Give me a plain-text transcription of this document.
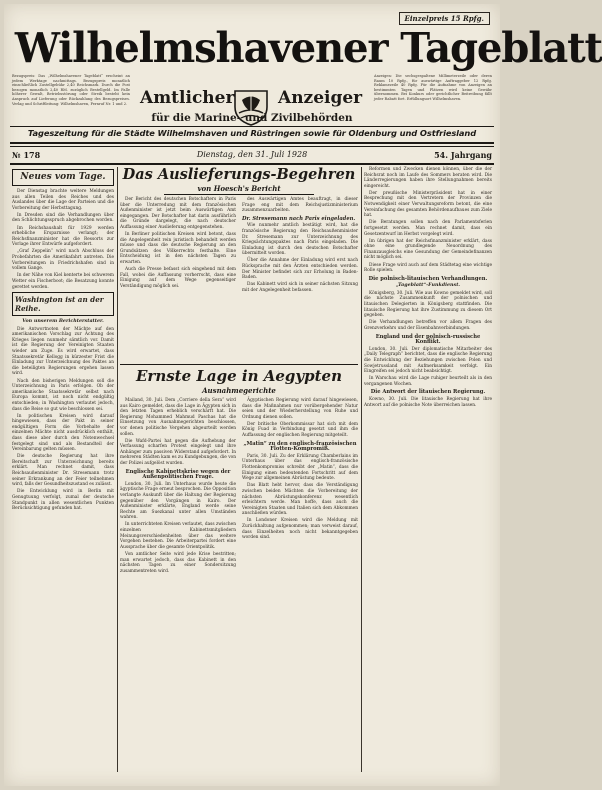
Einzelpreis 15 Rpfg.
Wilhelmshavener Tageblatt

Bezugspreis: Das „Wilhelmshavener Tageblatt“ erscheint an jedem Werktage nachmittags. Bezugspreis monatlich einschließlich Zustellgebühr 2,40 Reichsmark. Durch die Post bezogen monatlich 2,40 RM. zuzüglich Bestellgeld. Im Falle höherer Gewalt, Betriebsstörung oder Streik besteht kein Anspruch auf Lieferung oder Rückzahlung des Bezugspreises. Verlag und Schriftleitung: Wilhelmshaven, Fernruf Nr. 1 und 2.

Anzeigen: Die sechsgespaltene Millimeterzeile oder deren Raum 10 Rpfg., für auswärtige Auftraggeber 12 Rpfg. Reklamezeile 40 Rpfg. Für die Aufnahme von Anzeigen an bestimmten Tagen und Plätzen wird keine Gewähr übernommen. Bei Konkurs oder gerichtlicher Beitreibung fällt jeder Rabatt fort. Erfüllungsort Wilhelmshaven.

Amtlicher	Anzeiger
für die Marine- und Zivilbehörden
Tageszeitung für die Städte Wilhelmshaven und Rüstringen sowie für Oldenburg und Ostfriesland
№ 178	Dienstag, den 31. Juli 1928	54. Jahrgang
Neues vom Tage.

Der Dienstag brachte weitere Meldungen aus allen Teilen des Reiches und des Auslandes über die Lage der Parteien und die Vorbereitung der Herbsttagung.

In Dresden sind die Verhandlungen über den Schlichtungsspruch abgebrochen worden.

Im Reichshaushalt für 1929 werden erhebliche Ersparnisse verlangt; der Reichsfinanzminister hat die Ressorts zur Vorlage ihrer Entwürfe aufgefordert.

„Graf Zeppelin“ wird nach Abschluss der Probefahrten die Amerikafahrt antreten. Die Vorbereitungen in Friedrichshafen sind in vollem Gange.

In der Nähe von Kiel kenterte bei schwerem Wetter ein Fischerboot; die Besatzung konnte gerettet werden.

Washington ist an der Reihe.
Von unserem Berichterstatter.

Die Antwortnoten der Mächte auf den amerikanischen Vorschlag zur Ächtung des Krieges liegen nunmehr sämtlich vor. Damit ist die Regierung der Vereinigten Staaten wieder am Zuge. Es wird erwartet, dass Staatssekretär Kellogg in kürzester Frist die Einladung zur Unterzeichnung des Paktes an die beteiligten Regierungen ergehen lassen wird.

Nach den bisherigen Meldungen soll die Unterzeichnung in Paris erfolgen. Ob der amerikanische Staatssekretär selbst nach Europa kommt, ist noch nicht endgültig entschieden; in Washington verlautet jedoch, dass die Reise so gut wie beschlossen sei.

In politischen Kreisen wird darauf hingewiesen, dass der Pakt in seiner endgültigen Form die Vorbehalte der einzelnen Mächte nicht ausdrücklich enthält, dass diese aber durch den Notenwechsel festgelegt sind und als Bestandteil der Vereinbarung gelten müssen.

Die deutsche Regierung hat ihre Bereitschaft zur Unterzeichnung bereits erklärt. Man rechnet damit, dass Reichsaußenminister Dr. Stresemann trotz seiner Erkrankung an der Feier teilnehmen wird, falls der Gesundheitszustand es zulässt.

Die Entwicklung wird in Berlin mit Genugtuung verfolgt, zumal der deutsche Standpunkt in allen wesentlichen Punkten Berücksichtigung gefunden hat.

Das Auslieferungs-Begehren
von Hoesch's Bericht

Der Bericht des deutschen Botschafters in Paris über die Unterredung mit dem französischen Außenminister ist jetzt beim Auswärtigen Amt eingegangen. Der Botschafter hat darin ausführlich die Gründe dargelegt, die nach deutscher Auffassung einer Auslieferung entgegenstehen.

In Berliner politischen Kreisen wird betont, dass die Angelegenheit rein juristisch behandelt werden müsse und dass die deutsche Regierung an den Grundsätzen des Völkerrechts festhalte. Eine Entscheidung ist in den nächsten Tagen zu erwarten.

Auch die Presse befasst sich eingehend mit dem Fall, wobei die Auffassung vorherrscht, dass eine Einigung auf dem Wege gegenseitiger Verständigung möglich sei.

des Auswärtigen Amtes beauftragt, in dieser Frage eng mit dem Reichsjustizministerium zusammenzuarbeiten.

Dr. Stresemann nach Paris eingeladen.

Wie nunmehr amtlich bestätigt wird, hat die französische Regierung den Reichsaußenminister Dr. Stresemann zur Unterzeichnung des Kriegsächtungspaktes nach Paris eingeladen. Die Einladung ist durch den deutschen Botschafter übermittelt worden.

Über die Annahme der Einladung wird erst nach Rücksprache mit den Ärzten entschieden werden. Der Minister befindet sich zur Erholung in Baden-Baden.

Das Kabinett wird sich in seiner nächsten Sitzung mit der Angelegenheit befassen.

Ernste Lage in Aegypten
Ausnahmegerichte

Mailand, 30. Juli. Dem „Corriere della Sera“ wird aus Kairo gemeldet, dass die Lage in Ägypten sich in den letzten Tagen erheblich verschärft hat. Die Regierung Mohammed Mahmud Paschas hat die Einsetzung von Ausnahmegerichten beschlossen, vor denen politische Vergehen abgeurteilt werden sollen.

Die Wafd-Partei hat gegen die Aufhebung der Verfassung scharfen Protest eingelegt und ihre Anhänger zum passiven Widerstand aufgefordert. In mehreren Städten kam es zu Kundgebungen, die von der Polizei aufgelöst wurden.

Englische Kabinettskrise wegen der Außenpolitischen Frage.

London, 30. Juli. Im Unterhaus wurde heute die ägyptische Frage erneut besprochen. Die Opposition verlangte Auskunft über die Haltung der Regierung gegenüber den Vorgängen in Kairo. Der Außenminister erklärte, England werde seine Rechte am Suezkanal unter allen Umständen wahren.

In unterrichteten Kreisen verlautet, dass zwischen einzelnen Kabinettsmitgliedern Meinungsverschiedenheiten über das weitere Vorgehen bestehen. Die Arbeiterpartei fordert eine Aussprache über die gesamte Orientpolitik.

Von amtlicher Seite wird jede Krise bestritten; man erwartet jedoch, dass das Kabinett in den nächsten Tagen zu einer Sondersitzung zusammentreten wird.

Ägyptischen Regierung wird darauf hingewiesen, dass die Maßnahmen nur vorübergehender Natur seien und der Wiederherstellung von Ruhe und Ordnung dienen sollen.

Der britische Oberkommissar hat sich mit dem König Fuad in Verbindung gesetzt und ihm die Auffassung der englischen Regierung mitgeteilt.

„Matin“ zu den englisch-französischen Flotten-Kompromiß.

Paris, 30. Juli. Zu der Erklärung Chamberlains im Unterhaus über das englisch-französische Flottenkompromiss schreibt der „Matin“, dass die Einigung einen bedeutenden Fortschritt auf dem Wege zur allgemeinen Abrüstung bedeute.

Das Blatt hebt hervor, dass die Verständigung zwischen beiden Mächten die Vorbereitung der nächsten Abrüstungskonferenz wesentlich erleichtern werde. Man hoffe, dass auch die Vereinigten Staaten und Italien sich dem Abkommen anschließen würden.

In Londoner Kreisen wird die Meldung mit Zurückhaltung aufgenommen; man verweist darauf, dass Einzelheiten noch nicht bekanntgegeben worden sind.

Reformen und Zwecken dienen können, über die der Reichsrat noch im Laufe des Sommers beraten wird. Die Länderregierungen haben ihre Stellungnahmen bereits eingereicht.

Der preußische Ministerpräsident hat in einer Besprechung mit den Vertretern der Provinzen die Notwendigkeit einer Verwaltungsreform betont, die eine Vereinfachung des gesamten Behördenaufbaues zum Ziele hat.

Die Beratungen sollen nach den Parlamentsferien fortgesetzt werden. Man rechnet damit, dass ein Gesetzentwurf im Herbst vorgelegt wird.

Im übrigen hat der Reichsfinanzminister erklärt, dass ohne eine grundlegende Neuordnung des Finanzausgleichs eine Gesundung der Gemeindefinanzen nicht möglich sei.

Diese Frage wird auch auf dem Städtetag eine wichtige Rolle spielen.

Die polnisch-litauischen Verhandlungen.
„Tageblatt“-Funkdienst.

Königsberg, 30. Juli. Wie aus Kowno gemeldet wird, soll die nächste Zusammenkunft der polnischen und litauischen Delegierten in Königsberg stattfinden. Die litauische Regierung hat ihre Zustimmung zu diesem Ort gegeben.

Die Verhandlungen betreffen vor allem Fragen des Grenzverkehrs und der Eisenbahnverbindungen.

England und der polnisch-russische Konflikt.

London, 30. Juli. Der diplomatische Mitarbeiter des „Daily Telegraph“ berichtet, dass die englische Regierung die Entwicklung der Beziehungen zwischen Polen und Sowjetrussland mit Aufmerksamkeit verfolgt. Ein Eingreifen sei jedoch nicht beabsichtigt.

In Warschau wird die Lage ruhiger beurteilt als in den vergangenen Wochen.

Die Antwort der litauischen Regierung.

Kowno, 30. Juli. Die litauische Regierung hat ihre Antwort auf die polnische Note überreichen lassen.
